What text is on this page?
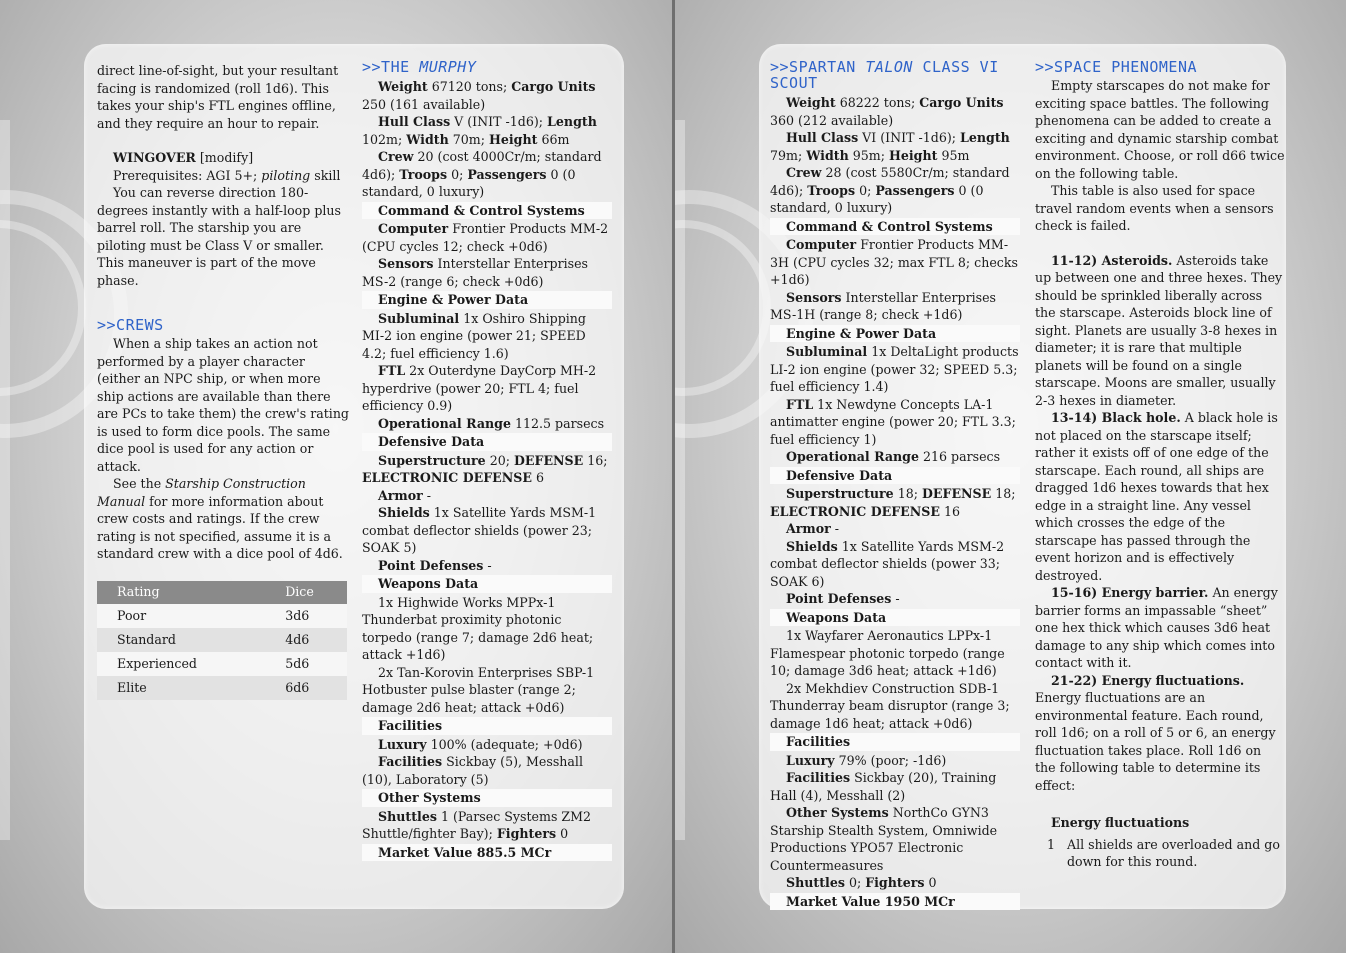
direct line-of-sight, but your resultant facing is randomized (roll 1d6). This takes your ship's FTL engines offline, and they require an hour to repair.

WINGOVER [modify]

Prerequisites: AGI 5+; piloting skill

You can reverse direction 180-degrees instantly with a half-loop plus barrel roll. The starship you are piloting must be Class V or smaller. This maneuver is part of the move phase.

>>CREWS

When a ship takes an action not performed by a player character (either an NPC ship, or when more ship actions are available than there are PCs to take them) the crew's rating is used to form dice pools. The same dice pool is used for any action or attack.

See the Starship Construction Manual for more information about crew costs and ratings. If the crew rating is not specified, assume it is a standard crew with a dice pool of 4d6.

Rating	Dice
Poor	3d6
Standard	4d6
Experienced	5d6
Elite	6d6

>>THE MURPHY

Weight 67120 tons; Cargo Units 250 (161 available)

Hull Class V (INIT -1d6); Length 102m; Width 70m; Height 66m

Crew 20 (cost 4000Cr/m; standard 4d6); Troops 0; Passengers 0 (0 standard, 0 luxury)

Command & Control Systems

Computer Frontier Products MM-2 (CPU cycles 12; check +0d6)

Sensors Interstellar Enterprises MS-2 (range 6; check +0d6)

Engine & Power Data

Subluminal 1x Oshiro Shipping MI-2 ion engine (power 21; SPEED 4.2; fuel efficiency 1.6)

FTL 2x Outerdyne DayCorp MH-2 hyperdrive (power 20; FTL 4; fuel efficiency 0.9)

Operational Range 112.5 parsecs

Defensive Data

Superstructure 20; DEFENSE 16; ELECTRONIC DEFENSE 6

Armor -

Shields 1x Satellite Yards MSM-1 combat deflector shields (power 23; SOAK 5)

Point Defenses -

Weapons Data

1x Highwide Works MPPx-1 Thunderbat proximity photonic torpedo (range 7; damage 2d6 heat; attack +1d6)

2x Tan-Korovin Enterprises SBP-1 Hotbuster pulse blaster (range 2; damage 2d6 heat; attack +0d6)

Facilities

Luxury 100% (adequate; +0d6)

Facilities Sickbay (5), Messhall (10), Laboratory (5)

Other Systems

Shuttles 1 (Parsec Systems ZM2 Shuttle/fighter Bay); Fighters 0

Market Value 885.5 MCr

>>SPARTAN TALON CLASS VI SCOUT

Weight 68222 tons; Cargo Units 360 (212 available)

Hull Class VI (INIT -1d6); Length 79m; Width 95m; Height 95m

Crew 28 (cost 5580Cr/m; standard 4d6); Troops 0; Passengers 0 (0 standard, 0 luxury)

Command & Control Systems

Computer Frontier Products MM-3H (CPU cycles 32; max FTL 8; checks +1d6)

Sensors Interstellar Enterprises MS-1H (range 8; check +1d6)

Engine & Power Data

Subluminal 1x DeltaLight products LI-2 ion engine (power 32; SPEED 5.3; fuel efficiency 1.4)

FTL 1x Newdyne Concepts LA-1 antimatter engine (power 20; FTL 3.3; fuel efficiency 1)

Operational Range 216 parsecs

Defensive Data

Superstructure 18; DEFENSE 18; ELECTRONIC DEFENSE 16

Armor -

Shields 1x Satellite Yards MSM-2 combat deflector shields (power 33; SOAK 6)

Point Defenses -

Weapons Data

1x Wayfarer Aeronautics LPPx-1 Flamespear photonic torpedo (range 10; damage 3d6 heat; attack +1d6)

2x Mekhdiev Construction SDB-1 Thunderray beam disruptor (range 3; damage 1d6 heat; attack +0d6)

Facilities

Luxury 79% (poor; -1d6)

Facilities Sickbay (20), Training Hall (4), Messhall (2)

Other Systems NorthCo GYN3 Starship Stealth System, Omniwide Productions YPO57 Electronic Countermeasures

Shuttles 0; Fighters 0

Market Value 1950 MCr

>>SPACE PHENOMENA

Empty starscapes do not make for exciting space battles. The following phenomena can be added to create a exciting and dynamic starship combat environment. Choose, or roll d66 twice on the following table.

This table is also used for space travel random events when a sensors check is failed.

11-12) Asteroids. Asteroids take up between one and three hexes. They should be sprinkled liberally across the starscape. Asteroids block line of sight. Planets are usually 3-8 hexes in diameter; it is rare that multiple planets will be found on a single starscape. Moons are smaller, usually 2-3 hexes in diameter.

13-14) Black hole. A black hole is not placed on the starscape itself; rather it exists off of one edge of the starscape. Each round, all ships are dragged 1d6 hexes towards that hex edge in a straight line. Any vessel which crosses the edge of the starscape has passed through the event horizon and is effectively destroyed.

15-16) Energy barrier. An energy barrier forms an impassable “sheet” one hex thick which causes 3d6 heat damage to any ship which comes into contact with it.

21-22) Energy fluctuations. Energy fluctuations are an environmental feature. Each round, roll 1d6; on a roll of 5 or 6, an energy fluctuation takes place. Roll 1d6 on the following table to determine its effect:

Energy fluctuations

1 All shields are overloaded and go down for this round.
